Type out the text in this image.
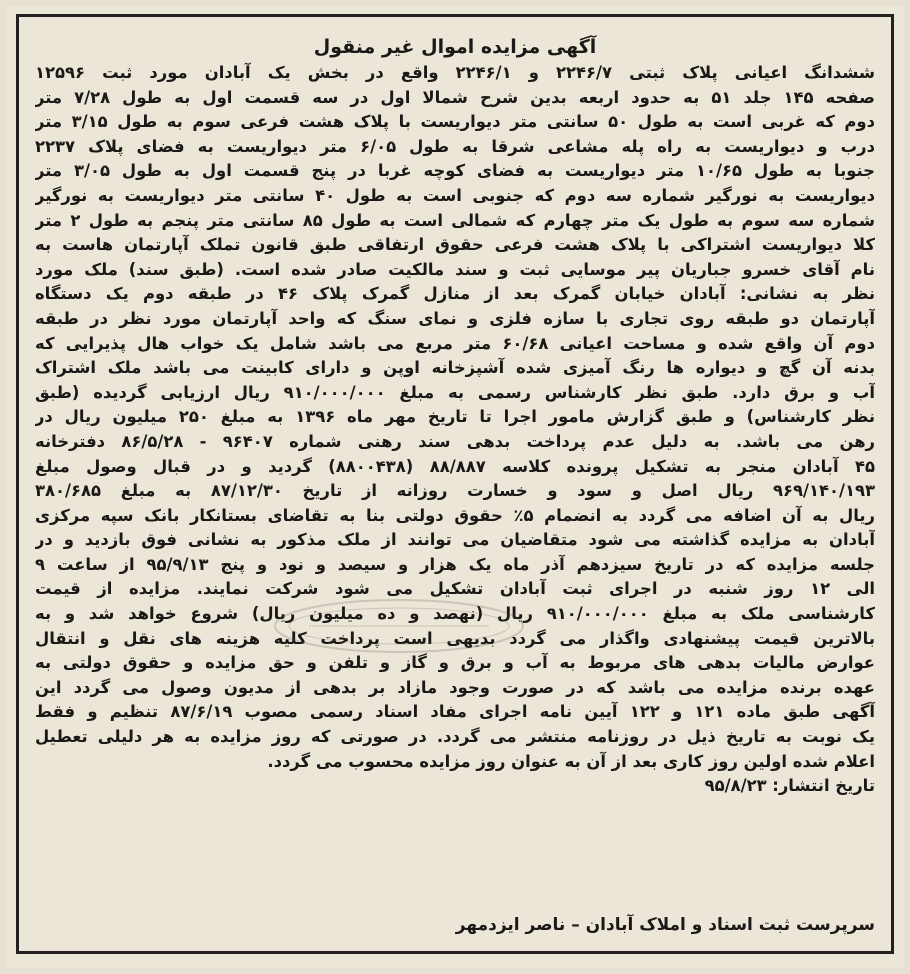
آگهی مزایده اموال غیر منقول
ششدانگ اعیانی پلاک ثبتی ۲۲۴۶/۷ و ۲۲۴۶/۱ واقع در بخش یک آبادان مورد ثبت ۱۲۵۹۶
صفحه ۱۴۵ جلد ۵۱ به حدود اربعه بدین شرح شمالا اول در سه قسمت اول به طول ۷/۲۸ متر
دوم که غربی است به طول ۵۰ سانتی متر دیواریست با پلاک هشت فرعی سوم به طول ۳/۱۵ متر
درب و دیواریست به راه پله مشاعی شرقا به طول ۶/۰۵ متر دیواریست به فضای پلاک ۲۲۳۷
جنوبا به طول ۱۰/۶۵ متر دیواریست به فضای کوچه غربا در پنج قسمت اول به طول ۳/۰۵ متر
دیواریست به نورگیر شماره سه دوم که جنوبی است به طول ۴۰ سانتی متر دیواریست به نورگیر
شماره سه سوم به طول یک متر چهارم که شمالی است به طول ۸۵ سانتی متر پنجم به طول ۲ متر
کلا دیواریست اشتراکی با پلاک هشت فرعی حقوق ارتفاقی طبق قانون تملک آپارتمان هاست به
نام آقای خسرو جباریان پیر موسایی ثبت و سند مالکیت صادر شده است. (طبق سند) ملک مورد
نظر به نشانی: آبادان خیابان گمرک بعد از منازل گمرک پلاک ۴۶ در طبقه دوم یک دستگاه
آپارتمان دو طبقه روی تجاری با سازه فلزی و نمای سنگ که واحد آپارتمان مورد نظر در طبقه
دوم آن واقع شده و مساحت اعیانی ۶۰/۶۸ متر مربع می باشد شامل یک خواب هال پذیرایی که
بدنه آن گچ و دیواره ها رنگ آمیزی شده آشپزخانه اوپن و دارای کابینت می باشد ملک اشتراک
آب و برق دارد. طبق نظر کارشناس رسمی به مبلغ ۹۱۰/۰۰۰/۰۰۰ ریال ارزیابی گردیده (طبق
نظر کارشناس) و طبق گزارش مامور اجرا تا تاریخ مهر ماه ۱۳۹۶ به مبلغ ۲۵۰ میلیون ریال در
رهن می باشد. به دلیل عدم پرداخت بدهی سند رهنی شماره ۹۶۴۰۷ - ۸۶/۵/۲۸ دفترخانه
۴۵ آبادان منجر به تشکیل پرونده کلاسه ۸۸/۸۸۷ (۸۸۰۰۴۳۸) گردید و در قبال وصول مبلغ
۹۶۹/۱۴۰/۱۹۳ ریال اصل و سود و خسارت روزانه از تاریخ ۸۷/۱۲/۳۰ به مبلغ ۳۸۰/۶۸۵
ریال به آن اضافه می گردد به انضمام ۵٪ حقوق دولتی بنا به تقاضای بستانکار بانک سپه مرکزی
آبادان به مزایده گذاشته می شود متقاضیان می توانند از ملک مذکور به نشانی فوق بازدید و در
جلسه مزایده که در تاریخ سیزدهم آذر ماه یک هزار و سیصد و نود و پنج ۹۵/۹/۱۳ از ساعت ۹
الی ۱۲ روز شنبه در اجرای ثبت آبادان تشکیل می شود شرکت نمایند. مزایده از قیمت
کارشناسی ملک به مبلغ ۹۱۰/۰۰۰/۰۰۰ ریال (نهصد و ده میلیون ریال) شروع خواهد شد و به
بالاترین قیمت پیشنهادی واگذار می گردد بدیهی است پرداخت کلیه هزینه های نقل و انتقال
عوارض مالیات بدهی های مربوط به آب و برق و گاز و تلفن و حق مزایده و حقوق دولتی به
عهده برنده مزایده می باشد که در صورت وجود مازاد بر بدهی از مدیون وصول می گردد این
آگهی طبق ماده ۱۲۱ و ۱۲۲ آیین نامه اجرای مفاد اسناد رسمی مصوب ۸۷/۶/۱۹ تنظیم و فقط
یک نوبت به تاریخ ذیل در روزنامه منتشر می گردد. در صورتی که روز مزایده به هر دلیلی تعطیل
اعلام شده اولین روز کاری بعد از آن به عنوان روز مزایده محسوب می گردد.
تاریخ انتشار: ۹۵/۸/۲۳
سرپرست ثبت اسناد و املاک آبادان – ناصر ایزدمهر
